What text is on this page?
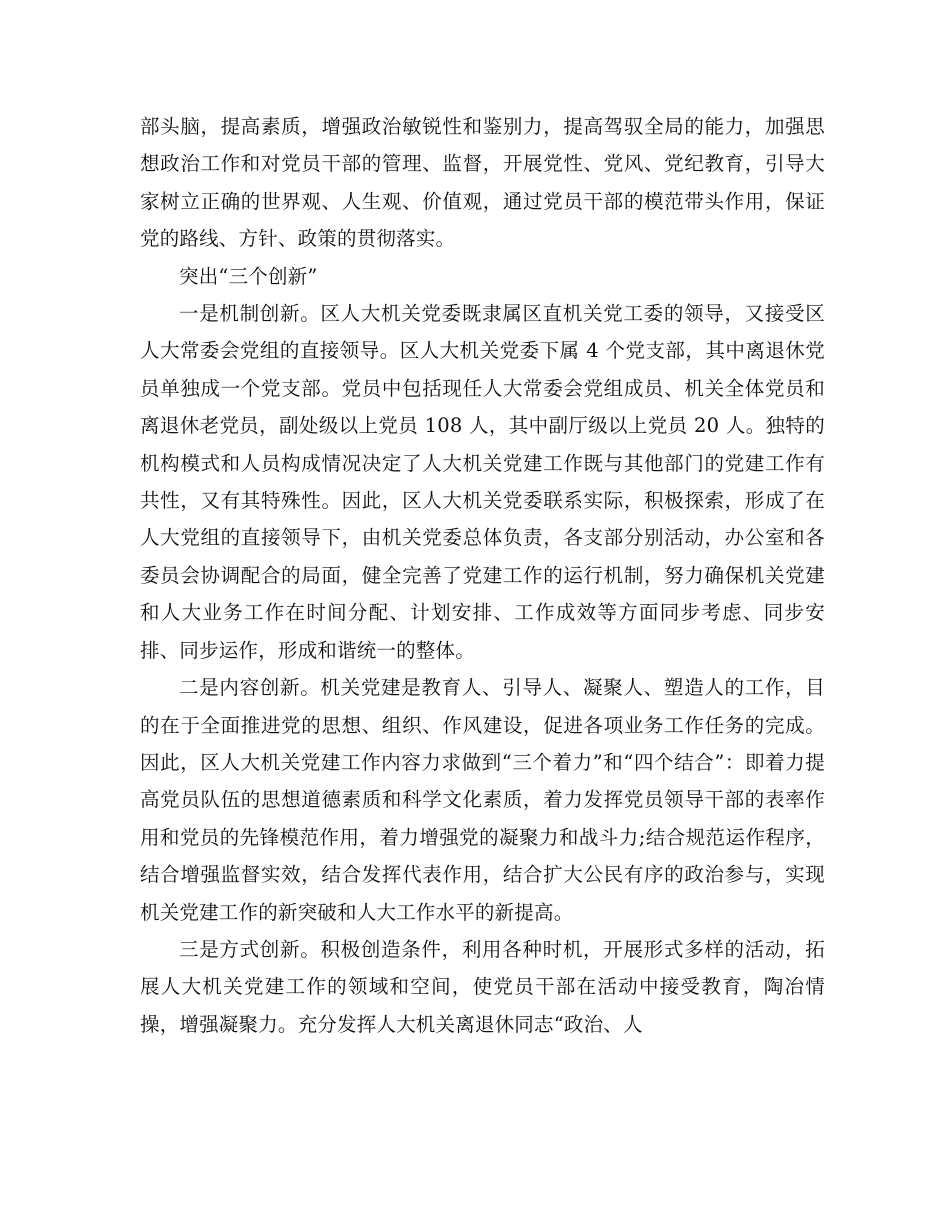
部头脑，提高素质，增强政治敏锐性和鉴别力，提高驾驭全局的能力，加强思想政治工作和对党员干部的管理、监督，开展党性、党风、党纪教育，引导大家树立正确的世界观、人生观、价值观，通过党员干部的模范带头作用，保证党的路线、方针、政策的贯彻落实。

突出“三个创新”

一是机制创新。区人大机关党委既隶属区直机关党工委的领导，又接受区人大常委会党组的直接领导。区人大机关党委下属 4 个党支部，其中离退休党员单独成一个党支部。党员中包括现任人大常委会党组成员、机关全体党员和离退休老党员，副处级以上党员 108 人，其中副厅级以上党员 20 人。独特的机构模式和人员构成情况决定了人大机关党建工作既与其他部门的党建工作有共性，又有其特殊性。因此，区人大机关党委联系实际，积极探索，形成了在人大党组的直接领导下，由机关党委总体负责，各支部分别活动，办公室和各委员会协调配合的局面，健全完善了党建工作的运行机制，努力确保机关党建和人大业务工作在时间分配、计划安排、工作成效等方面同步考虑、同步安排、同步运作，形成和谐统一的整体。

二是内容创新。机关党建是教育人、引导人、凝聚人、塑造人的工作，目的在于全面推进党的思想、组织、作风建设，促进各项业务工作任务的完成。因此，区人大机关党建工作内容力求做到“三个着力”和“四个结合”：即着力提高党员队伍的思想道德素质和科学文化素质，着力发挥党员领导干部的表率作用和党员的先锋模范作用，着力增强党的凝聚力和战斗力;结合规范运作程序，结合增强监督实效，结合发挥代表作用，结合扩大公民有序的政治参与，实现机关党建工作的新突破和人大工作水平的新提高。

三是方式创新。积极创造条件，利用各种时机，开展形式多样的活动，拓展人大机关党建工作的领域和空间，使党员干部在活动中接受教育，陶冶情操，增强凝聚力。充分发挥人大机关离退休同志“政治、人
